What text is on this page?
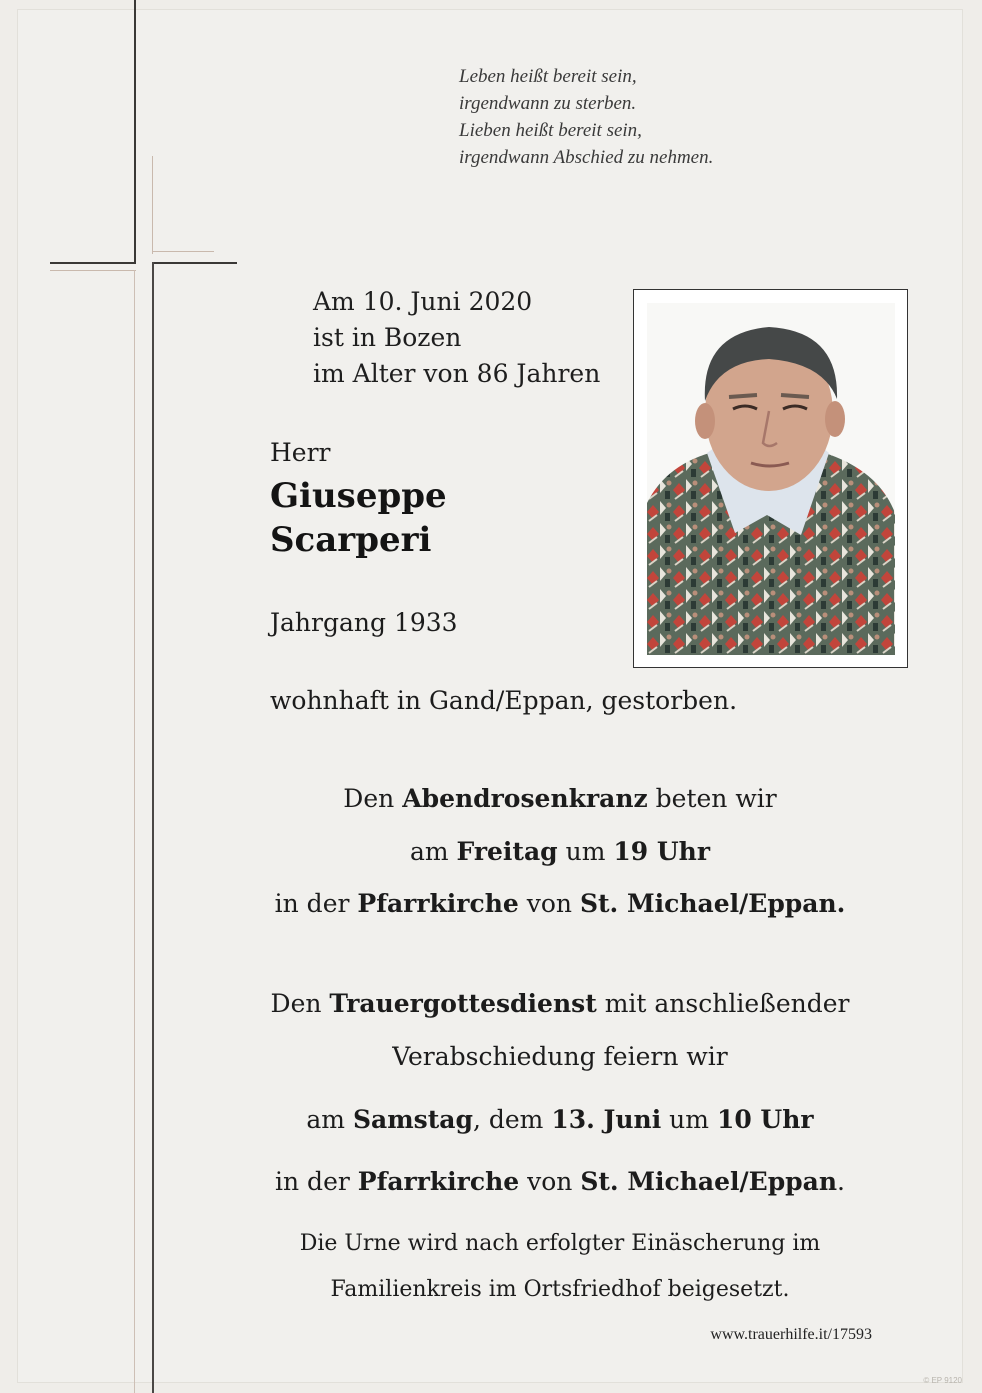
Leben heißt bereit sein,
irgendwann zu sterben.
Lieben heißt bereit sein,
irgendwann Abschied zu nehmen.
Am 10. Juni 2020
ist in Bozen
im Alter von 86 Jahren
Herr
Giuseppe
Scarperi
Jahrgang 1933
wohnhaft in Gand/Eppan, gestorben.
Den Abendrosenkranz beten wir
am Freitag um 19 Uhr
in der Pfarrkirche von St. Michael/Eppan.
Den Trauergottesdienst mit anschließender
Verabschiedung feiern wir
am Samstag, dem 13. Juni um 10 Uhr
in der Pfarrkirche von St. Michael/Eppan.
Die Urne wird nach erfolgter Einäscherung im
Familienkreis im Ortsfriedhof beigesetzt.
www.trauerhilfe.it/17593
© EP 9120
